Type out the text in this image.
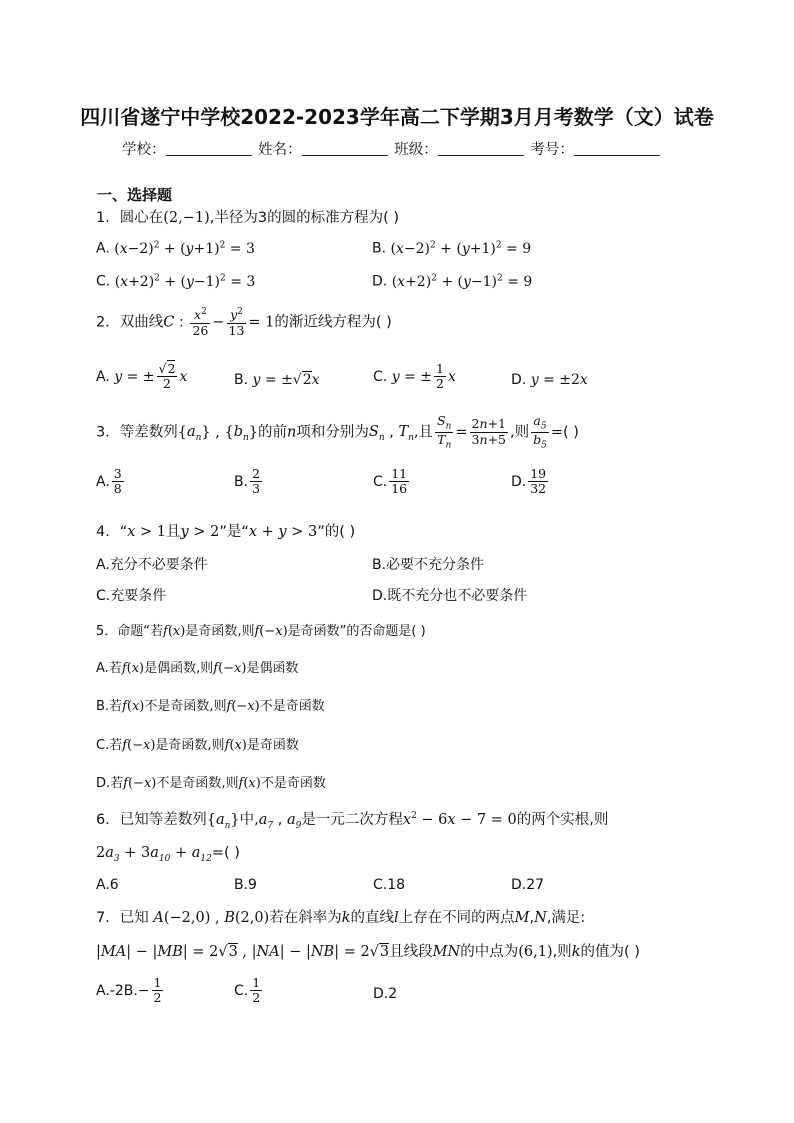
四川省遂宁中学校2022-2023学年高二下学期3月月考数学（文）试卷
学校：	姓名：	班级：	考号：
一、选择题
1．圆心在(2,−1),半径为3的圆的标准方程为( )
A. $(x-2)^2 + (y+1)^2 = 3$	B. $(x-2)^2 + (y+1)^2 = 9$
C. $(x+2)^2 + (y-1)^2 = 3$	D. $(x+2)^2 + (y-1)^2 = 9$
2．双曲线C : $\frac{x^2}{26} - \frac{y^2}{13} = 1$的渐近线方程为( )
A. y = ± $\frac{√2}{2}$ x	B. y = ±√2x	C. y = ± $\frac{1}{2}$ x	D. y = ±2x
3．等差数列$\{a_n\}$ , $\{b_n\}$的前n项和分别为$S_n$ , $T_n$,且 $\frac{S_n}{T_n} = \frac{2n+1}{3n+5}$ ,则 $\frac{a_5}{b_5}$ =( )
A. $\frac{3}{8}$	B. $\frac{2}{3}$	C. $\frac{11}{16}$	D. $\frac{19}{32}$
4．“x > 1且y > 2”是“x + y > 3”的( )
A.充分不必要条件	B.必要不充分条件
C.充要条件	D.既不充分也不必要条件
5．命题“若f(x)是奇函数,则f(−x)是奇函数”的否命题是( )
A.若f(x)是偶函数,则f(−x)是偶函数
B.若f(x)不是奇函数,则f(−x)不是奇函数
C.若f(−x)是奇函数,则f(x)是奇函数
D.若f(−x)不是奇函数,则f(x)不是奇函数
6．已知等差数列$\{a_n\}$中$,a_7$ , $a_9$是一元二次方程$x^2 - 6x - 7 = 0$的两个实根,则
$2a_3 + 3a_{10} + a_{12}=$( )
A.6	B.9	C.18	D.27
7．已知 A(−2,0) , B(2,0)若在斜率为k的直线l上存在不同的两点M,N,满足:
|MA| − |MB| = 2√3 , |NA| − |NB| = 2√3且线段MN的中点为(6,1),则k的值为( )
$A.-2B.- \frac{1}{2}$	C. $\frac{1}{2}$	D.2
